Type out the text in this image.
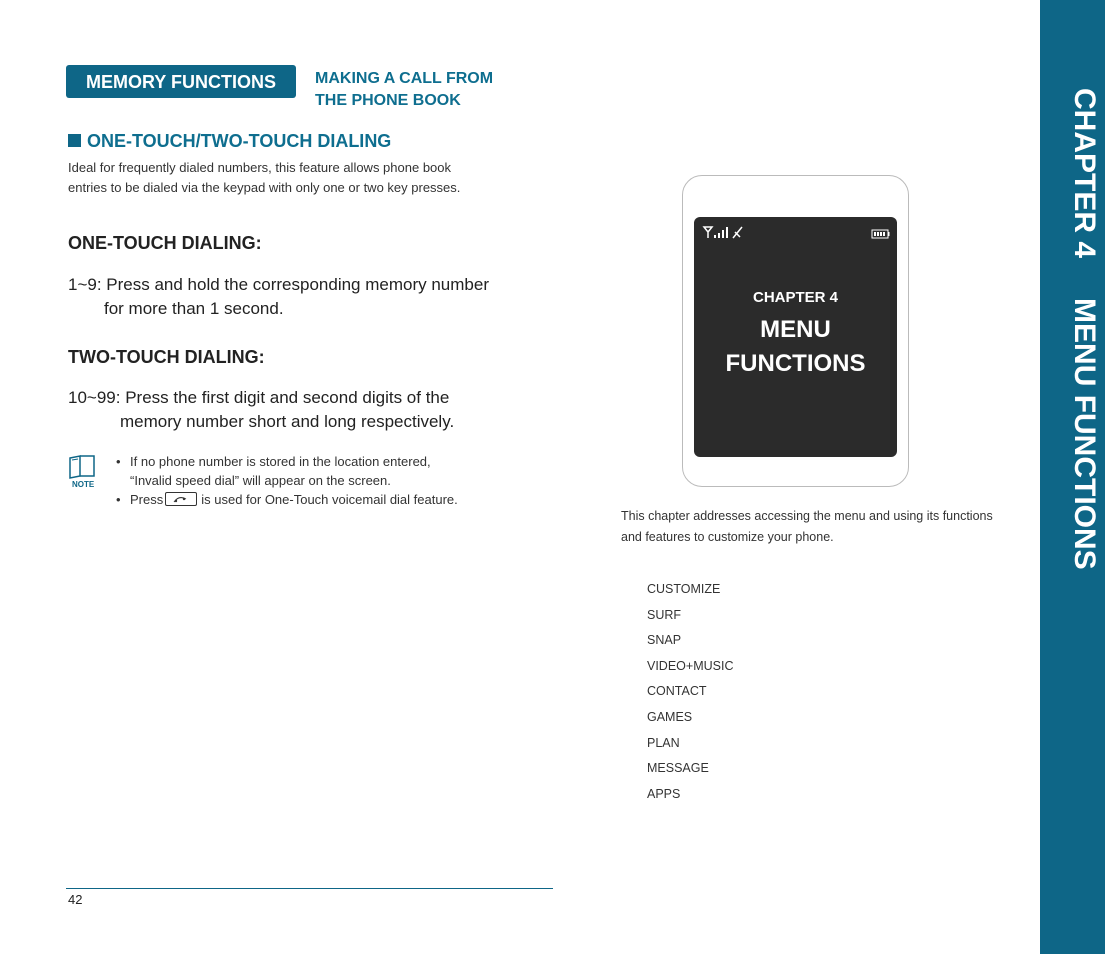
MEMORY FUNCTIONS	MAKING A CALL FROM
THE PHONE BOOK
ONE-TOUCH/TWO-TOUCH DIALING
Ideal for frequently dialed numbers, this feature allows phone book entries to be dialed via the keypad with only one or two key presses.
ONE-TOUCH DIALING:
1~9: Press and hold the corresponding memory number
for more than 1 second.
TWO-TOUCH DIALING:
10~99: Press the first digit and second digits of the
memory number short and long respectively.
NOTE
• If no phone number is stored in the location entered, “Invalid speed dial” will appear on the screen.
• Press	is used for One-Touch voicemail dial feature.
42
CHAPTER 4
MENU
FUNCTIONS
This chapter addresses accessing the menu and using its functions and features to customize your phone.
CUSTOMIZE
SURF
SNAP
VIDEO+MUSIC
CONTACT
GAMES
PLAN
MESSAGE
APPS
CHAPTER 4MENU FUNCTIONS
